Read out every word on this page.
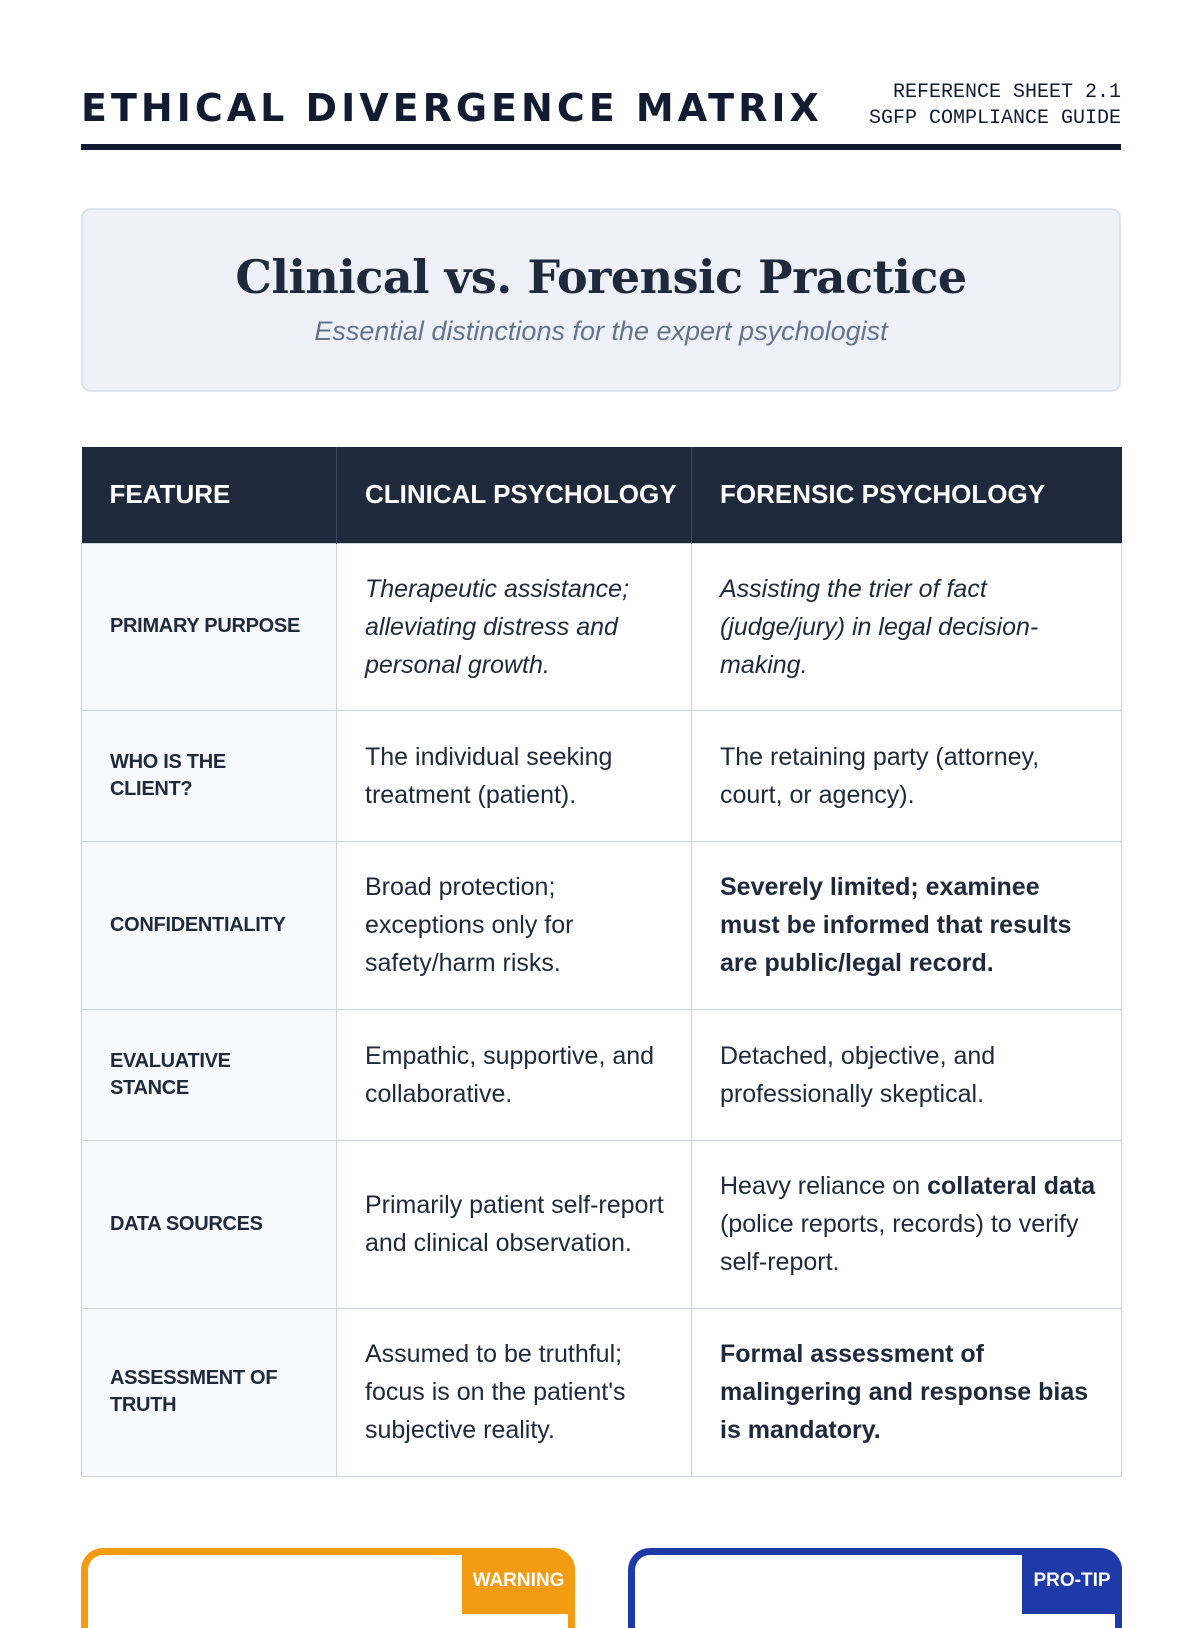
ETHICAL DIVERGENCE MATRIX	REFERENCE SHEET 2.1
SGFP COMPLIANCE GUIDE
Clinical vs. Forensic Practice
Essential distinctions for the expert psychologist
FEATURE	CLINICAL PSYCHOLOGY	FORENSIC PSYCHOLOGY
PRIMARY PURPOSE	Therapeutic assistance; alleviating distress and personal growth.	Assisting the trier of fact (judge/jury) in legal decision-making.
WHO IS THE CLIENT?	The individual seeking treatment (patient).	The retaining party (attorney, court, or agency).
CONFIDENTIALITY	Broad protection; exceptions only for safety/harm risks.	Severely limited; examinee must be informed that results are public/legal record.
EVALUATIVE STANCE	Empathic, supportive, and collaborative.	Detached, objective, and professionally skeptical.
DATA SOURCES	Primarily patient self-report and clinical observation.	Heavy reliance on collateral data (police reports, records) to verify self-report.
ASSESSMENT OF TRUTH	Assumed to be truthful; focus is on the patient's subjective reality.	Formal assessment of malingering and response bias is mandatory.
WARNING	PRO-TIP
